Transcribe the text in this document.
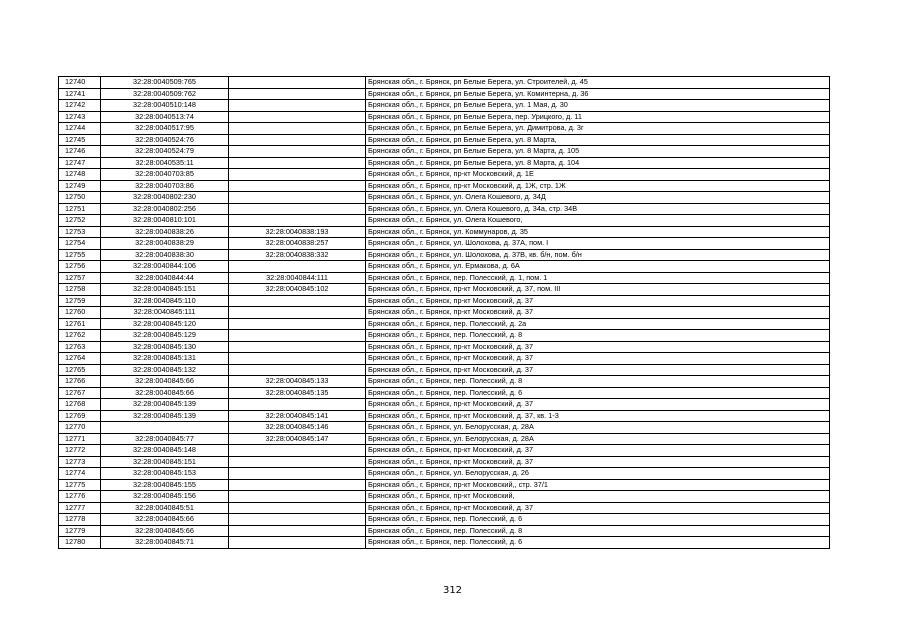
12740	32:28:0040509:765		Брянская обл., г. Брянск, рп Белые Берега, ул. Строителей, д. 45
12741	32:28:0040509:762		Брянская обл., г. Брянск, рп Белые Берега, ул. Коминтерна, д. 36
12742	32:28:0040510:148		Брянская обл., г. Брянск, рп Белые Берега, ул. 1 Мая, д. 30
12743	32:28:0040513:74		Брянская обл., г. Брянск, рп Белые Берега, пер. Урицкого, д. 11
12744	32:28:0040517:95		Брянская обл., г. Брянск, рп Белые Берега, ул. Димитрова, д. 3г
12745	32:28:0040524:76		Брянская обл., г. Брянск, рп Белые Берега, ул. 8 Марта,
12746	32:28:0040524:79		Брянская обл., г. Брянск, рп Белые Берега, ул. 8 Марта, д. 105
12747	32:28:0040535:11		Брянская обл., г. Брянск, рп Белые Берега, ул. 8 Марта, д. 104
12748	32:28:0040703:85		Брянская обл., г. Брянск, пр-кт Московский, д. 1Е
12749	32:28:0040703:86		Брянская обл., г. Брянск, пр-кт Московский, д. 1Ж, стр. 1Ж
12750	32:28:0040802:230		Брянская обл., г. Брянск, ул. Олега Кошевого, д. 34Д
12751	32:28:0040802:256		Брянская обл., г. Брянск, ул. Олега Кошевого, д. 34а, стр. 34В
12752	32:28:0040810:101		Брянская обл., г. Брянск, ул. Олега Кошевого,
12753	32:28:0040838:26	32:28:0040838:193	Брянская обл., г. Брянск, ул. Коммунаров, д. 35
12754	32:28:0040838:29	32:28:0040838:257	Брянская обл., г. Брянск, ул. Шолохова, д. 37А, пом. I
12755	32:28:0040838:30	32:28:0040838:332	Брянская обл., г. Брянск, ул. Шолохова, д. 37В, кв. б/н, пом. б/н
12756	32:28:0040844:106		Брянская обл., г. Брянск, ул. Ермакова, д. 6А
12757	32:28:0040844:44	32:28:0040844:111	Брянская обл., г. Брянск, пер. Полесский, д. 1, пом. 1
12758	32:28:0040845:151	32:28:0040845:102	Брянская обл., г. Брянск, пр-кт Московский, д. 37, пом. III
12759	32:28:0040845:110		Брянская обл., г. Брянск, пр-кт Московский, д. 37
12760	32:28:0040845:111		Брянская обл., г. Брянск, пр-кт Московский, д. 37
12761	32:28:0040845:120		Брянская обл., г. Брянск, пер. Полесский, д. 2а
12762	32:28:0040845:129		Брянская обл., г. Брянск, пер. Полесский, д. 8
12763	32:28:0040845:130		Брянская обл., г. Брянск, пр-кт Московский, д. 37
12764	32:28:0040845:131		Брянская обл., г. Брянск, пр-кт Московский, д. 37
12765	32:28:0040845:132		Брянская обл., г. Брянск, пр-кт Московский, д. 37
12766	32:28:0040845:66	32:28:0040845:133	Брянская обл., г. Брянск, пер. Полесский, д. 8
12767	32:28:0040845:66	32:28:0040845:135	Брянская обл., г. Брянск, пер. Полесский, д. 6
12768	32:28:0040845:139		Брянская обл., г. Брянск, пр-кт Московский, д. 37
12769	32:28:0040845:139	32:28:0040845:141	Брянская обл., г. Брянск, пр-кт Московский, д. 37, кв. 1-3
12770		32:28:0040845:146	Брянская обл., г. Брянск, ул. Белорусская, д. 28А
12771	32:28:0040845:77	32:28:0040845:147	Брянская обл., г. Брянск, ул. Белорусская, д. 28А
12772	32:28:0040845:148		Брянская обл., г. Брянск, пр-кт Московский, д. 37
12773	32:28:0040845:151		Брянская обл., г. Брянск, пр-кт Московский, д. 37
12774	32:28:0040845:153		Брянская обл., г. Брянск, ул. Белорусская, д. 26
12775	32:28:0040845:155		Брянская обл., г. Брянск, пр-кт Московский,, стр. 37/1
12776	32:28:0040845:156		Брянская обл., г. Брянск, пр-кт Московский,
12777	32:28:0040845:51		Брянская обл., г. Брянск, пр-кт Московский, д. 37
12778	32:28:0040845:66		Брянская обл., г. Брянск, пер. Полесский, д. 6
12779	32:28:0040845:66		Брянская обл., г. Брянск, пер. Полесский, д. 8
12780	32:28:0040845:71		Брянская обл., г. Брянск, пер. Полесский, д. 6
312
